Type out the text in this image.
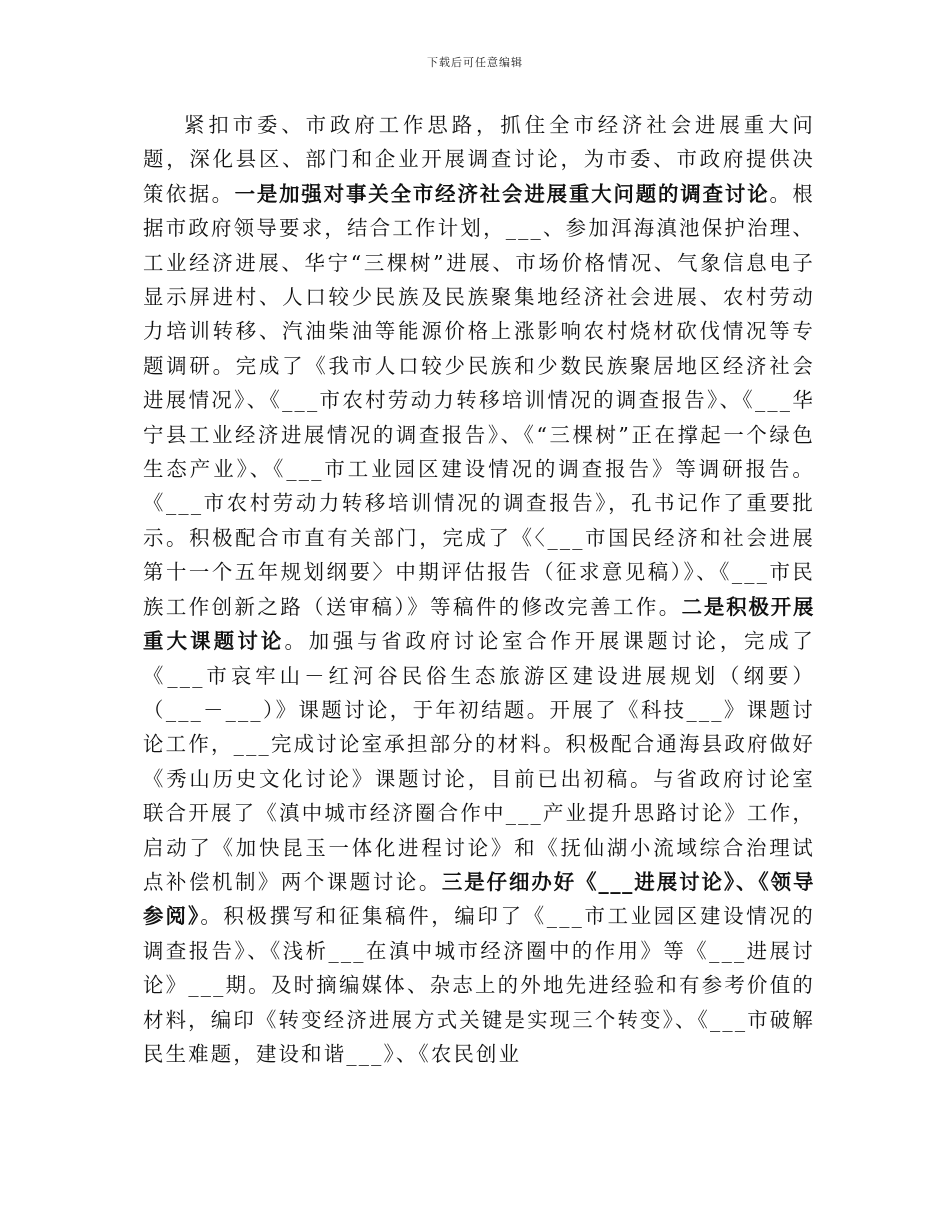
下载后可任意编辑

紧扣市委、市政府工作思路，抓住全市经济社会进展重大问题，深化县区、部门和企业开展调查讨论，为市委、市政府提供决策依据。一是加强对事关全市经济社会进展重大问题的调查讨论。根据市政府领导要求，结合工作计划，___、参加洱海滇池保护治理、工业经济进展、华宁“三棵树”进展、市场价格情况、气象信息电子显示屏进村、人口较少民族及民族聚集地经济社会进展、农村劳动力培训转移、汽油柴油等能源价格上涨影响农村烧材砍伐情况等专题调研。完成了《我市人口较少民族和少数民族聚居地区经济社会进展情况》、《___市农村劳动力转移培训情况的调查报告》、《___华宁县工业经济进展情况的调查报告》、《“三棵树”正在撑起一个绿色生态产业》、《___市工业园区建设情况的调查报告》等调研报告。《___市农村劳动力转移培训情况的调查报告》，孔书记作了重要批示。积极配合市直有关部门，完成了《〈___市国民经济和社会进展第十一个五年规划纲要〉中期评估报告（征求意见稿）》、《___市民族工作创新之路（送审稿）》等稿件的修改完善工作。二是积极开展重大课题讨论。加强与省政府讨论室合作开展课题讨论，完成了《___市哀牢山－红河谷民俗生态旅游区建设进展规划（纲要）（___－___）》课题讨论，于年初结题。开展了《科技___》课题讨论工作，___完成讨论室承担部分的材料。积极配合通海县政府做好《秀山历史文化讨论》课题讨论，目前已出初稿。与省政府讨论室联合开展了《滇中城市经济圈合作中___产业提升思路讨论》工作，启动了《加快昆玉一体化进程讨论》和《抚仙湖小流域综合治理试点补偿机制》两个课题讨论。三是仔细办好《___进展讨论》、《领导参阅》。积极撰写和征集稿件，编印了《___市工业园区建设情况的调查报告》、《浅析___在滇中城市经济圈中的作用》等《___进展讨论》___期。及时摘编媒体、杂志上的外地先进经验和有参考价值的材料，编印《转变经济进展方式关键是实现三个转变》、《___市破解民生难题，建设和谐___》、《农民创业
